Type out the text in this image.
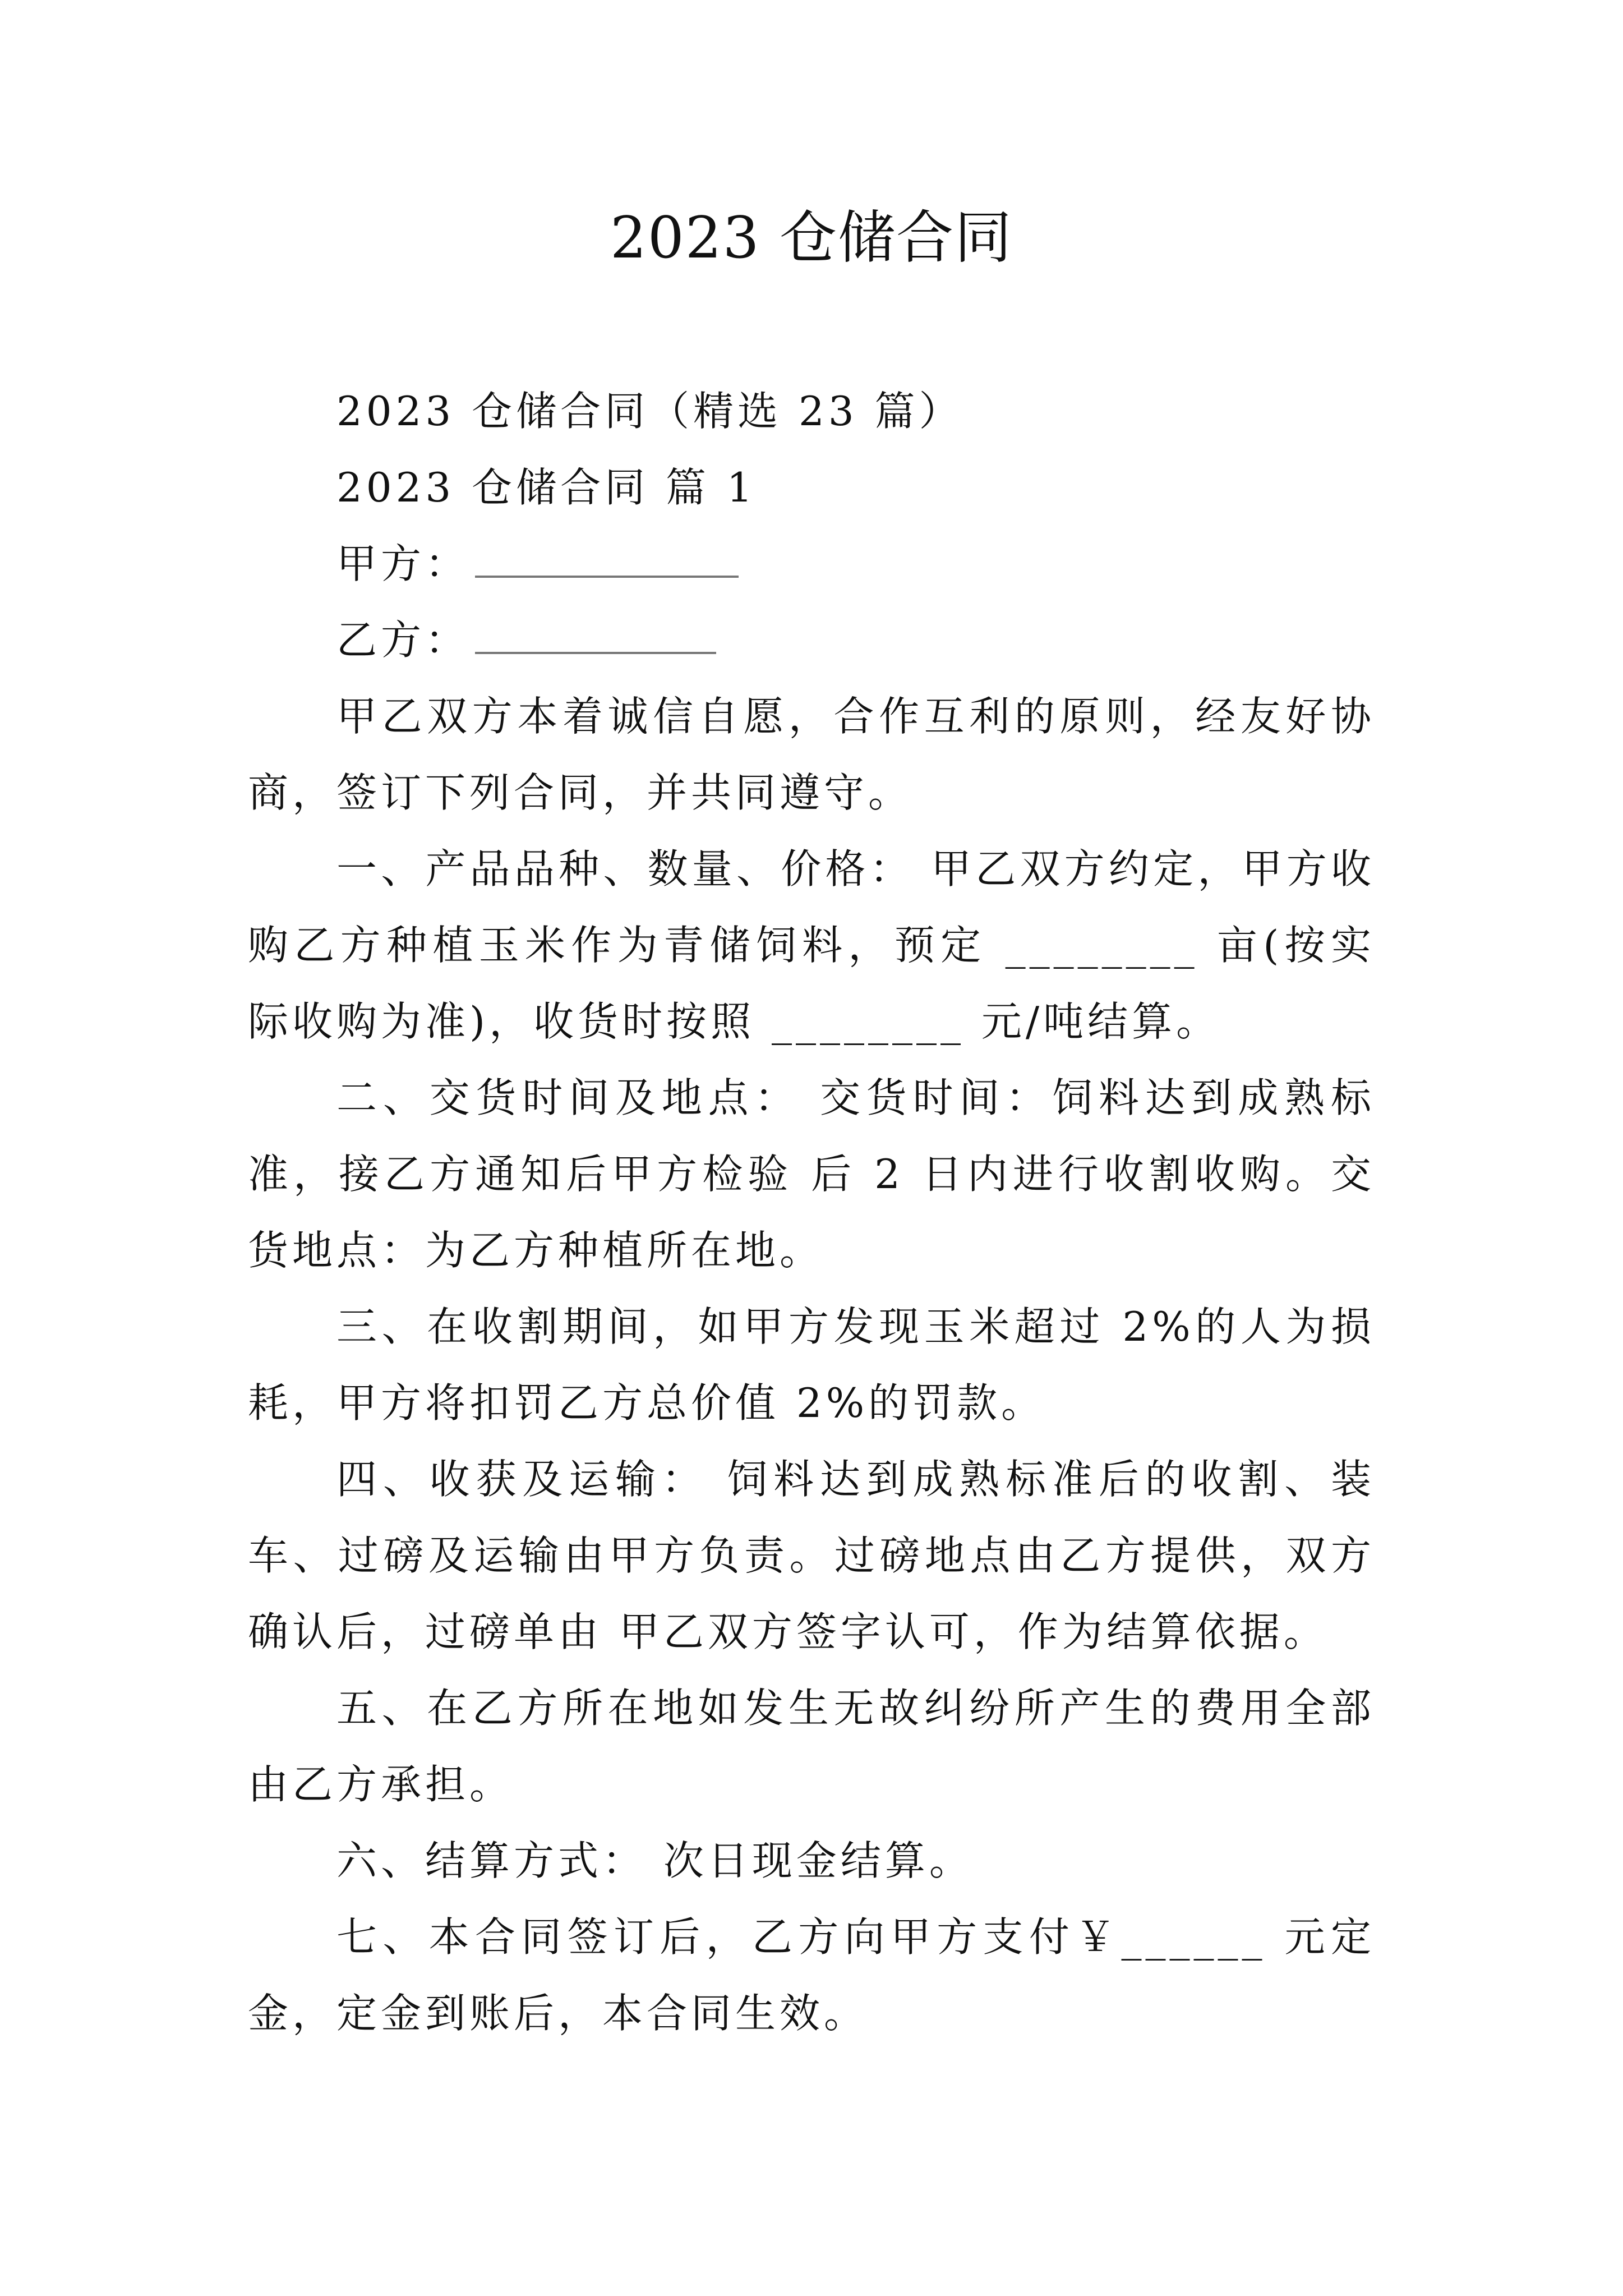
2023 仓储合同

2023 仓储合同（精选 23 篇）

2023 仓储合同 篇 1

甲方：

乙方：

甲乙双方本着诚信自愿，合作互利的原则，经友好协商，签订下列合同，并共同遵守。

一、产品品种、数量、价格： 甲乙双方约定，甲方收购乙方种植玉米作为青储饲料，预定 ________ 亩(按实际收购为准)，收货时按照 ________ 元/吨结算。

二、交货时间及地点： 交货时间：饲料达到成熟标准，接乙方通知后甲方检验 后 2 日内进行收割收购。交货地点：为乙方种植所在地。

三、在收割期间，如甲方发现玉米超过 2%的人为损耗，甲方将扣罚乙方总价值 2%的罚款。

四、收获及运输： 饲料达到成熟标准后的收割、装车、过磅及运输由甲方负责。过磅地点由乙方提供，双方确认后，过磅单由 甲乙双方签字认可，作为结算依据。

五、在乙方所在地如发生无故纠纷所产生的费用全部由乙方承担。

六、结算方式： 次日现金结算。

七、本合同签订后，乙方向甲方支付￥______ 元定金，定金到账后，本合同生效。
